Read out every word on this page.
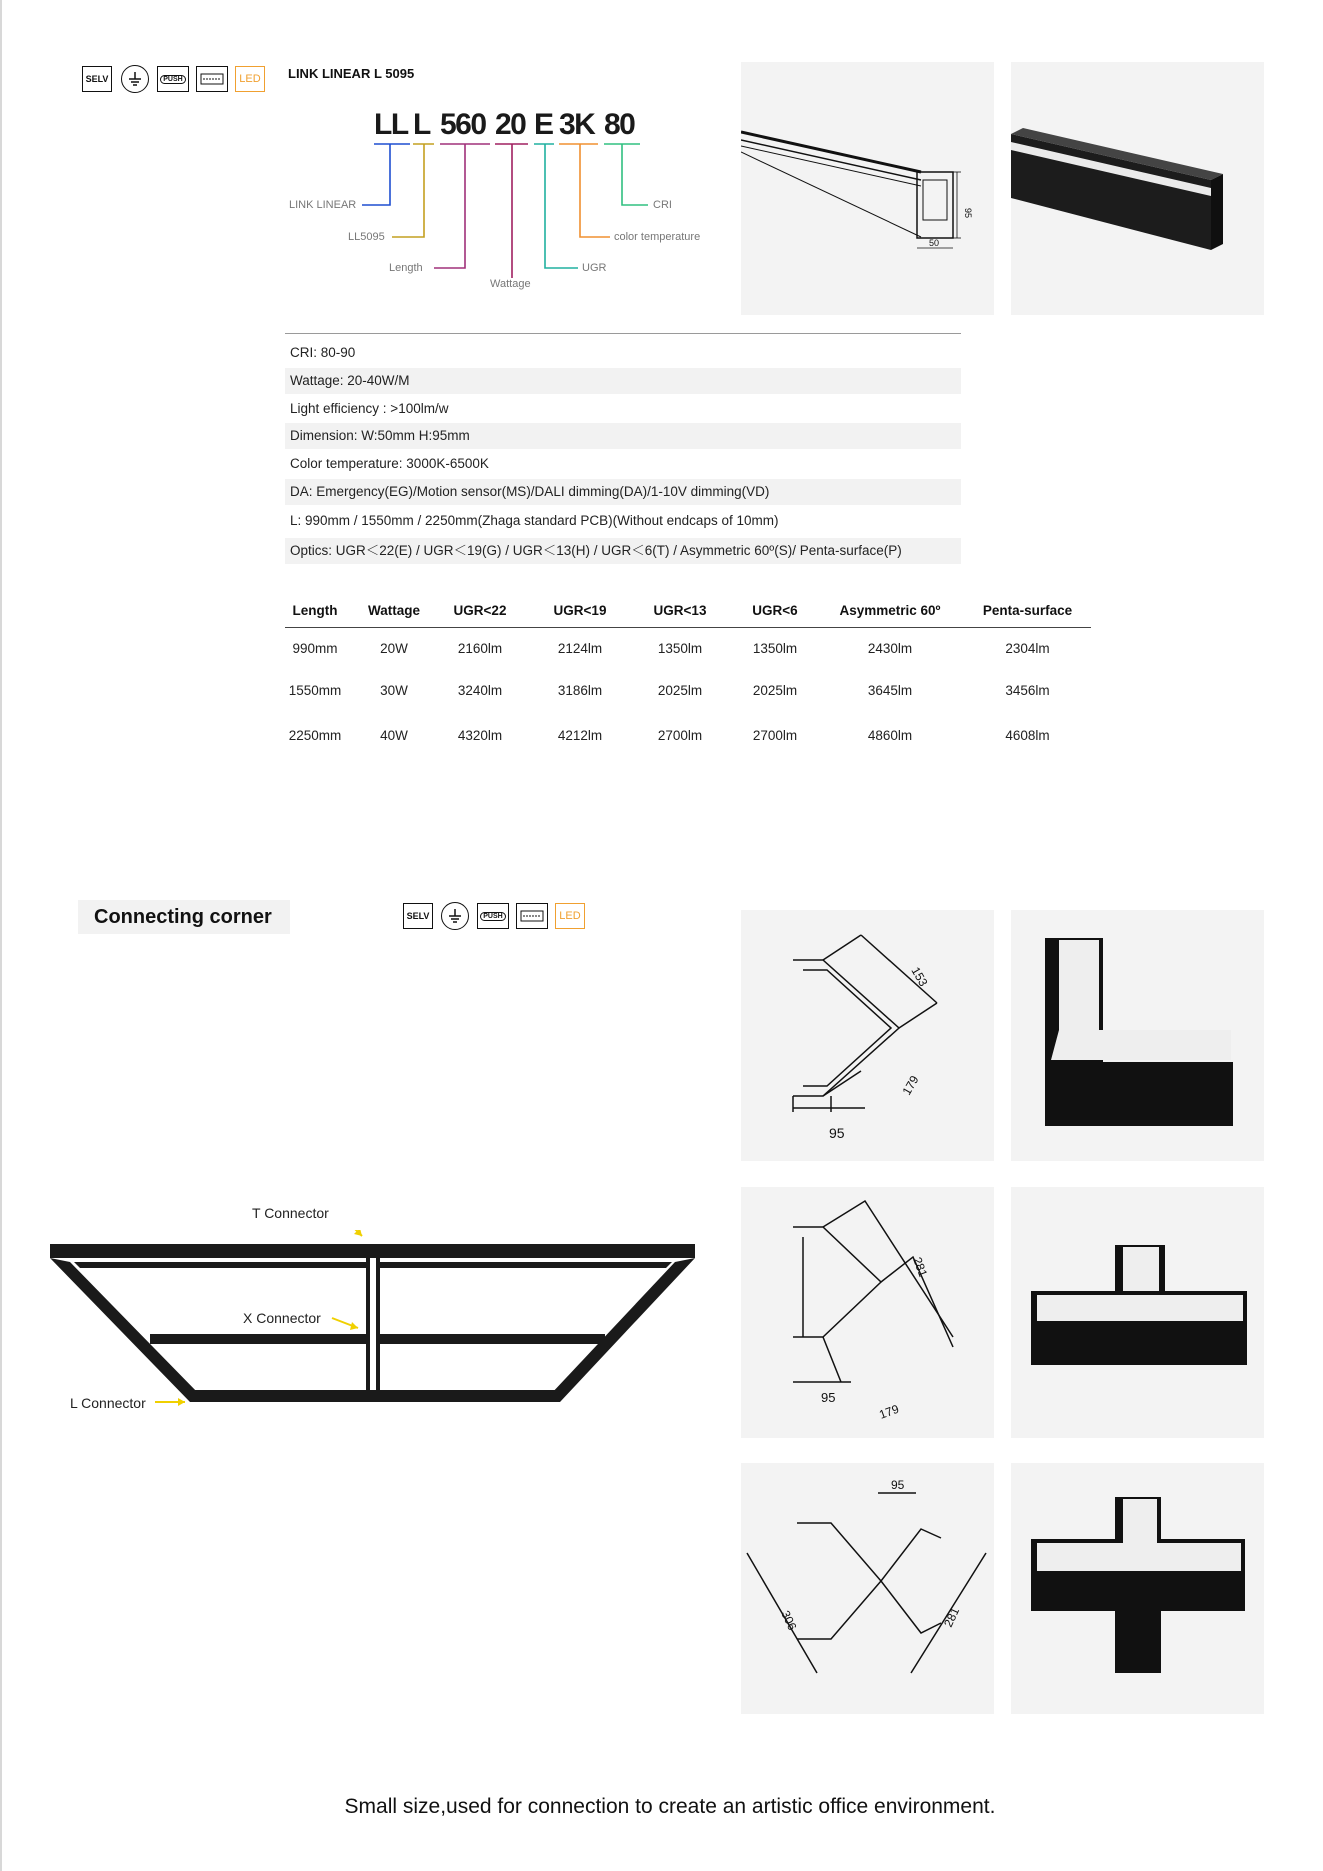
SELV	PUSH	LED LINK LINEAR L 5095
LL L 560 20 E 3K 80
LINK LINEAR
LL5095
Length
Wattage
UGR
color temperature
CRI
95
50
CRI: 80-90
Wattage: 20-40W/M
Light efficiency : >100lm/w
Dimension: W:50mm H:95mm
Color temperature: 3000K-6500K
DA: Emergency(EG)/Motion sensor(MS)/DALI dimming(DA)/1-10V dimming(VD)
L: 990mm / 1550mm / 2250mm(Zhaga standard PCB)(Without endcaps of 10mm)
Optics: UGR＜22(E) / UGR＜19(G) / UGR＜13(H) / UGR＜6(T) / Asymmetric 60º(S)/ Penta-surface(P)
Length	Wattage	UGR<22	UGR<19	UGR<13	UGR<6	Asymmetric 60º	Penta-surface
990mm	20W	2160lm	2124lm	1350lm	1350lm	2430lm	2304lm
1550mm	30W	3240lm	3186lm	2025lm	2025lm	3645lm	3456lm
2250mm	40W	4320lm	4212lm	2700lm	2700lm	4860lm	4608lm
Connecting corner	SELV	PUSH	LED
T Connector
X Connector
L Connector
95
153
179
95
281
179
95
306	281
Small size,used for connection to create an artistic office environment.
